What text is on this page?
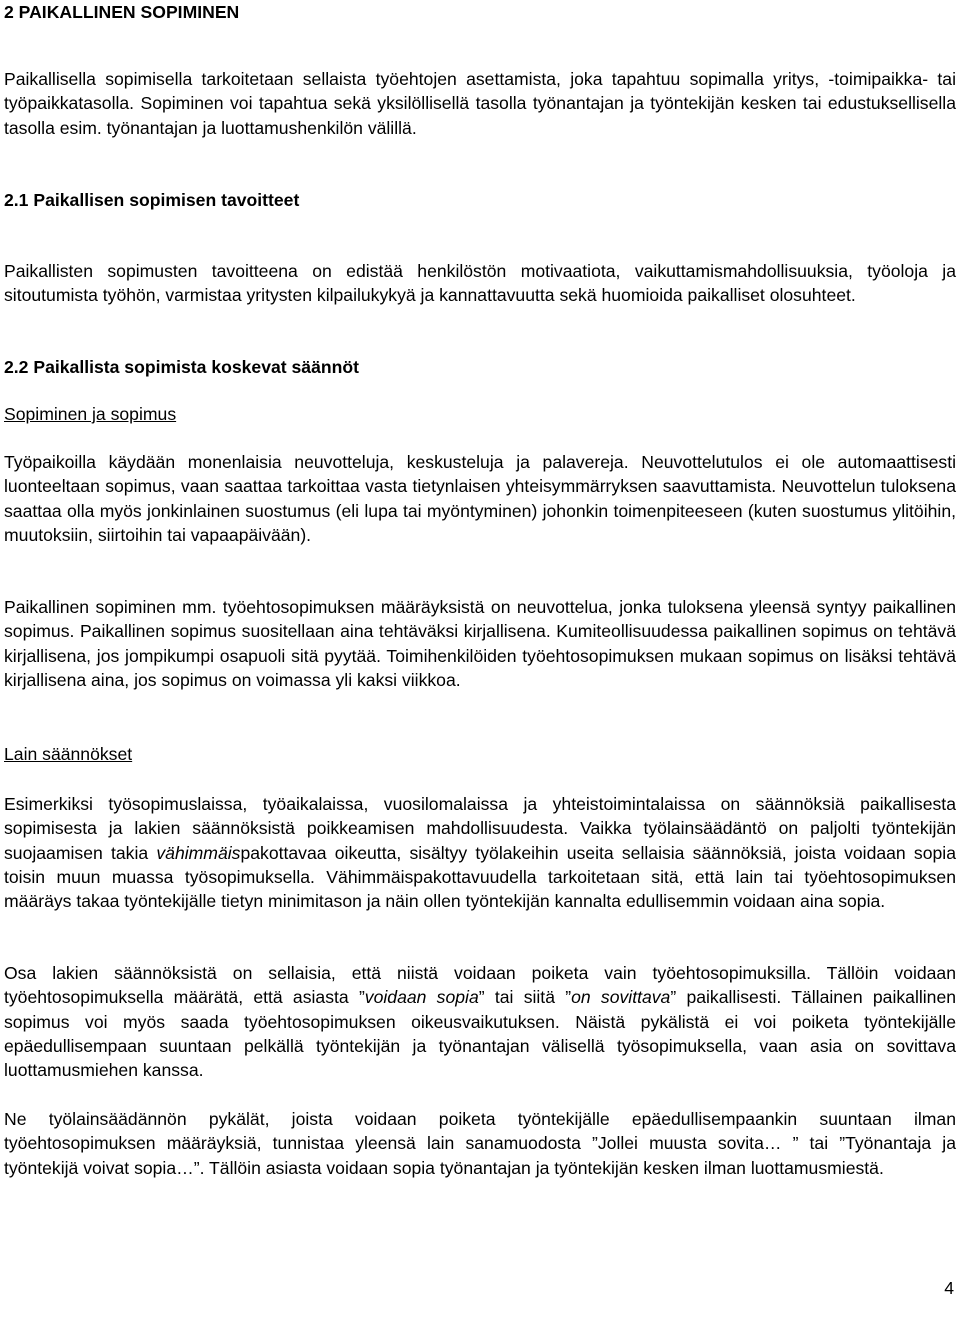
2 PAIKALLINEN SOPIMINEN

Paikallisella sopimisella tarkoitetaan sellaista työehtojen asettamista, joka tapahtuu sopimalla yritys, -toimipaikka- tai työpaikkatasolla. Sopiminen voi tapahtua sekä yksilöllisellä tasolla työnantajan ja työntekijän kesken tai edustuksellisella tasolla esim. työnantajan ja luottamushenkilön välillä.

2.1 Paikallisen sopimisen tavoitteet

Paikallisten sopimusten tavoitteena on edistää henkilöstön motivaatiota, vaikuttamismahdollisuuksia, työoloja ja sitoutumista työhön, varmistaa yritysten kilpailukykyä ja kannattavuutta sekä huomioida paikalliset olosuhteet.

2.2 Paikallista sopimista koskevat säännöt
Sopiminen ja sopimus

Työpaikoilla käydään monenlaisia neuvotteluja, keskusteluja ja palavereja. Neuvottelutulos ei ole automaattisesti luonteeltaan sopimus, vaan saattaa tarkoittaa vasta tietynlaisen yhteisymmärryksen saavuttamista. Neuvottelun tuloksena saattaa olla myös jonkinlainen suostumus (eli lupa tai myöntyminen) johonkin toimenpiteeseen (kuten suostumus ylitöihin, muutoksiin, siirtoihin tai vapaapäivään).

Paikallinen sopiminen mm. työehtosopimuksen määräyksistä on neuvottelua, jonka tuloksena yleensä syntyy paikallinen sopimus. Paikallinen sopimus suositellaan aina tehtäväksi kirjallisena. Kumiteollisuudessa paikallinen sopimus on tehtävä kirjallisena, jos jompikumpi osapuoli sitä pyytää. Toimihenkilöiden työehtosopimuksen mukaan sopimus on lisäksi tehtävä kirjallisena aina, jos sopimus on voimassa yli kaksi viikkoa.

Lain säännökset

Esimerkiksi työsopimuslaissa, työaikalaissa, vuosilomalaissa ja yhteistoimintalaissa on säännöksiä paikallisesta sopimisesta ja lakien säännöksistä poikkeamisen mahdollisuudesta. Vaikka työlainsäädäntö on paljolti työntekijän suojaamisen takia vähimmäispakottavaa oikeutta, sisältyy työlakeihin useita sellaisia säännöksiä, joista voidaan sopia toisin muun muassa työsopimuksella. Vähimmäispakottavuudella tarkoitetaan sitä, että lain tai työehtosopimuksen määräys takaa työntekijälle tietyn minimitason ja näin ollen työntekijän kannalta edullisemmin voidaan aina sopia.

Osa lakien säännöksistä on sellaisia, että niistä voidaan poiketa vain työehtosopimuksilla. Tällöin voidaan työehtosopimuksella määrätä, että asiasta ”voidaan sopia” tai siitä ”on sovittava” paikallisesti. Tällainen paikallinen sopimus voi myös saada työehtosopimuksen oikeusvaikutuksen. Näistä pykälistä ei voi poiketa työntekijälle epäedullisempaan suuntaan pelkällä työntekijän ja työnantajan välisellä työsopimuksella, vaan asia on sovittava luottamusmiehen kanssa.

Ne työlainsäädännön pykälät, joista voidaan poiketa työntekijälle epäedullisempaankin suuntaan ilman työehtosopimuksen määräyksiä, tunnistaa yleensä lain sanamuodosta ”Jollei muusta sovita… ” tai ”Työnantaja ja työntekijä voivat sopia…”. Tällöin asiasta voidaan sopia työnantajan ja työntekijän kesken ilman luottamusmiestä.

4
